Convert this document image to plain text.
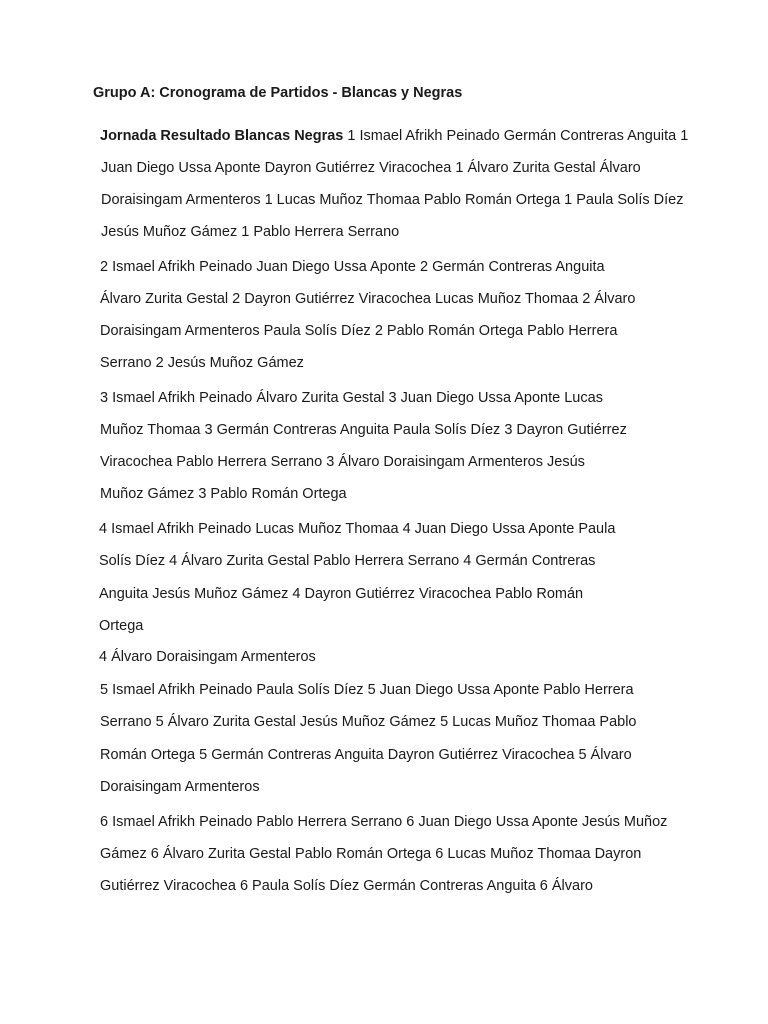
Grupo A: Cronograma de Partidos - Blancas y Negras
Jornada Resultado Blancas Negras 1 Ismael Afrikh Peinado Germán Contreras Anguita 1
Juan Diego Ussa Aponte Dayron Gutiérrez Viracochea 1 Álvaro Zurita Gestal Álvaro
Doraisingam Armenteros 1 Lucas Muñoz Thomaa Pablo Román Ortega 1 Paula Solís Díez
Jesús Muñoz Gámez 1 Pablo Herrera Serrano
2 Ismael Afrikh Peinado Juan Diego Ussa Aponte 2 Germán Contreras Anguita
Álvaro Zurita Gestal 2 Dayron Gutiérrez Viracochea Lucas Muñoz Thomaa 2 Álvaro
Doraisingam Armenteros Paula Solís Díez 2 Pablo Román Ortega Pablo Herrera
Serrano 2 Jesús Muñoz Gámez
3 Ismael Afrikh Peinado Álvaro Zurita Gestal 3 Juan Diego Ussa Aponte Lucas
Muñoz Thomaa 3 Germán Contreras Anguita Paula Solís Díez 3 Dayron Gutiérrez
Viracochea Pablo Herrera Serrano 3 Álvaro Doraisingam Armenteros Jesús
Muñoz Gámez 3 Pablo Román Ortega
4 Ismael Afrikh Peinado Lucas Muñoz Thomaa 4 Juan Diego Ussa Aponte Paula
Solís Díez 4 Álvaro Zurita Gestal Pablo Herrera Serrano 4 Germán Contreras
Anguita Jesús Muñoz Gámez 4 Dayron Gutiérrez Viracochea Pablo Román
Ortega
4 Álvaro Doraisingam Armenteros
5 Ismael Afrikh Peinado Paula Solís Díez 5 Juan Diego Ussa Aponte Pablo Herrera
Serrano 5 Álvaro Zurita Gestal Jesús Muñoz Gámez 5 Lucas Muñoz Thomaa Pablo
Román Ortega 5 Germán Contreras Anguita Dayron Gutiérrez Viracochea 5 Álvaro
Doraisingam Armenteros
6 Ismael Afrikh Peinado Pablo Herrera Serrano 6 Juan Diego Ussa Aponte Jesús Muñoz
Gámez 6 Álvaro Zurita Gestal Pablo Román Ortega 6 Lucas Muñoz Thomaa Dayron
Gutiérrez Viracochea 6 Paula Solís Díez Germán Contreras Anguita 6 Álvaro
